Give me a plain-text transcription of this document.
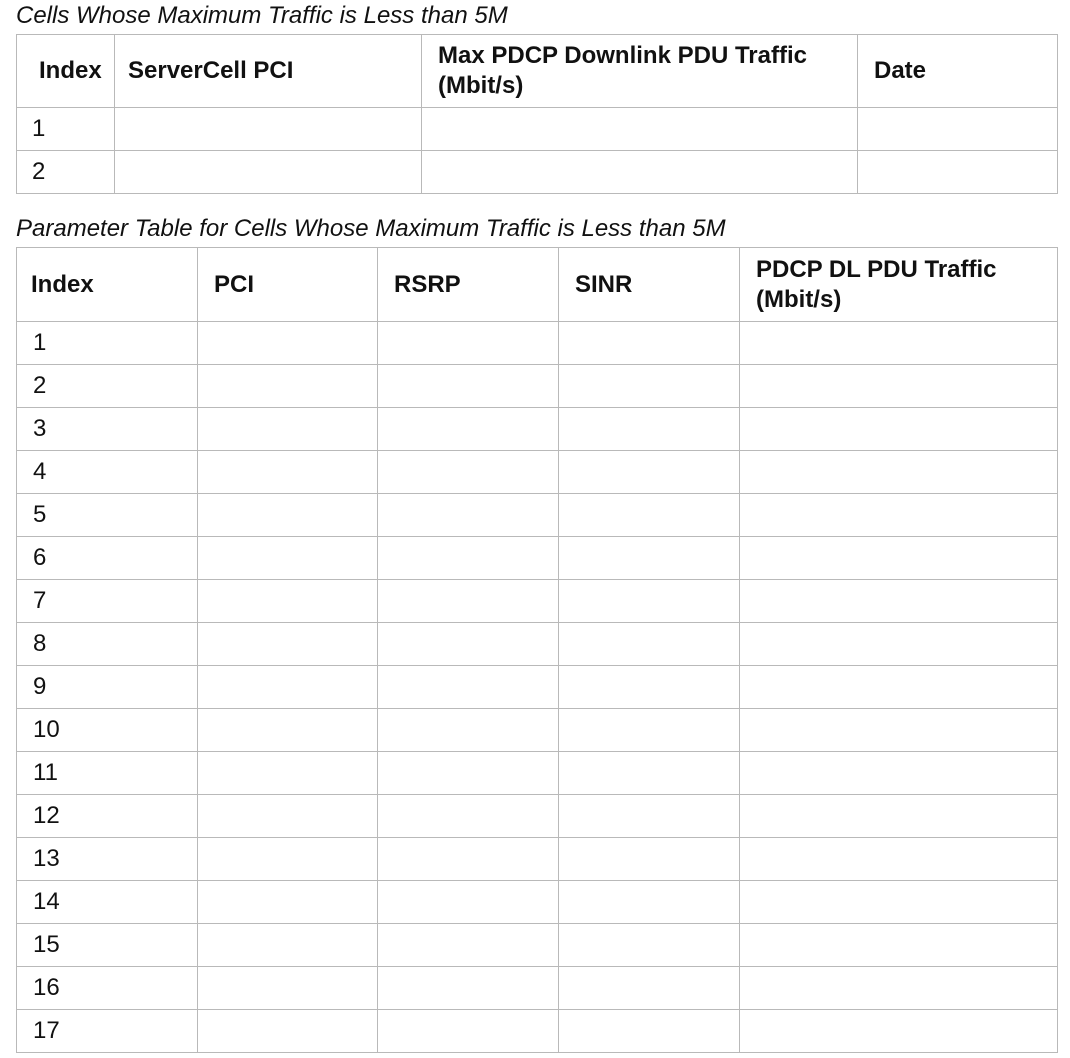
Cells Whose Maximum Traffic is Less than 5M
Index	ServerCell PCI	Max PDCP Downlink PDU Traffic (Mbit/s)	Date
1			
2			
Parameter Table for Cells Whose Maximum Traffic is Less than 5M
Index	PCI	RSRP	SINR	PDCP DL PDU Traffic (Mbit/s)
1				
2				
3				
4				
5				
6				
7				
8				
9				
10				
11				
12				
13				
14				
15				
16				
17				
